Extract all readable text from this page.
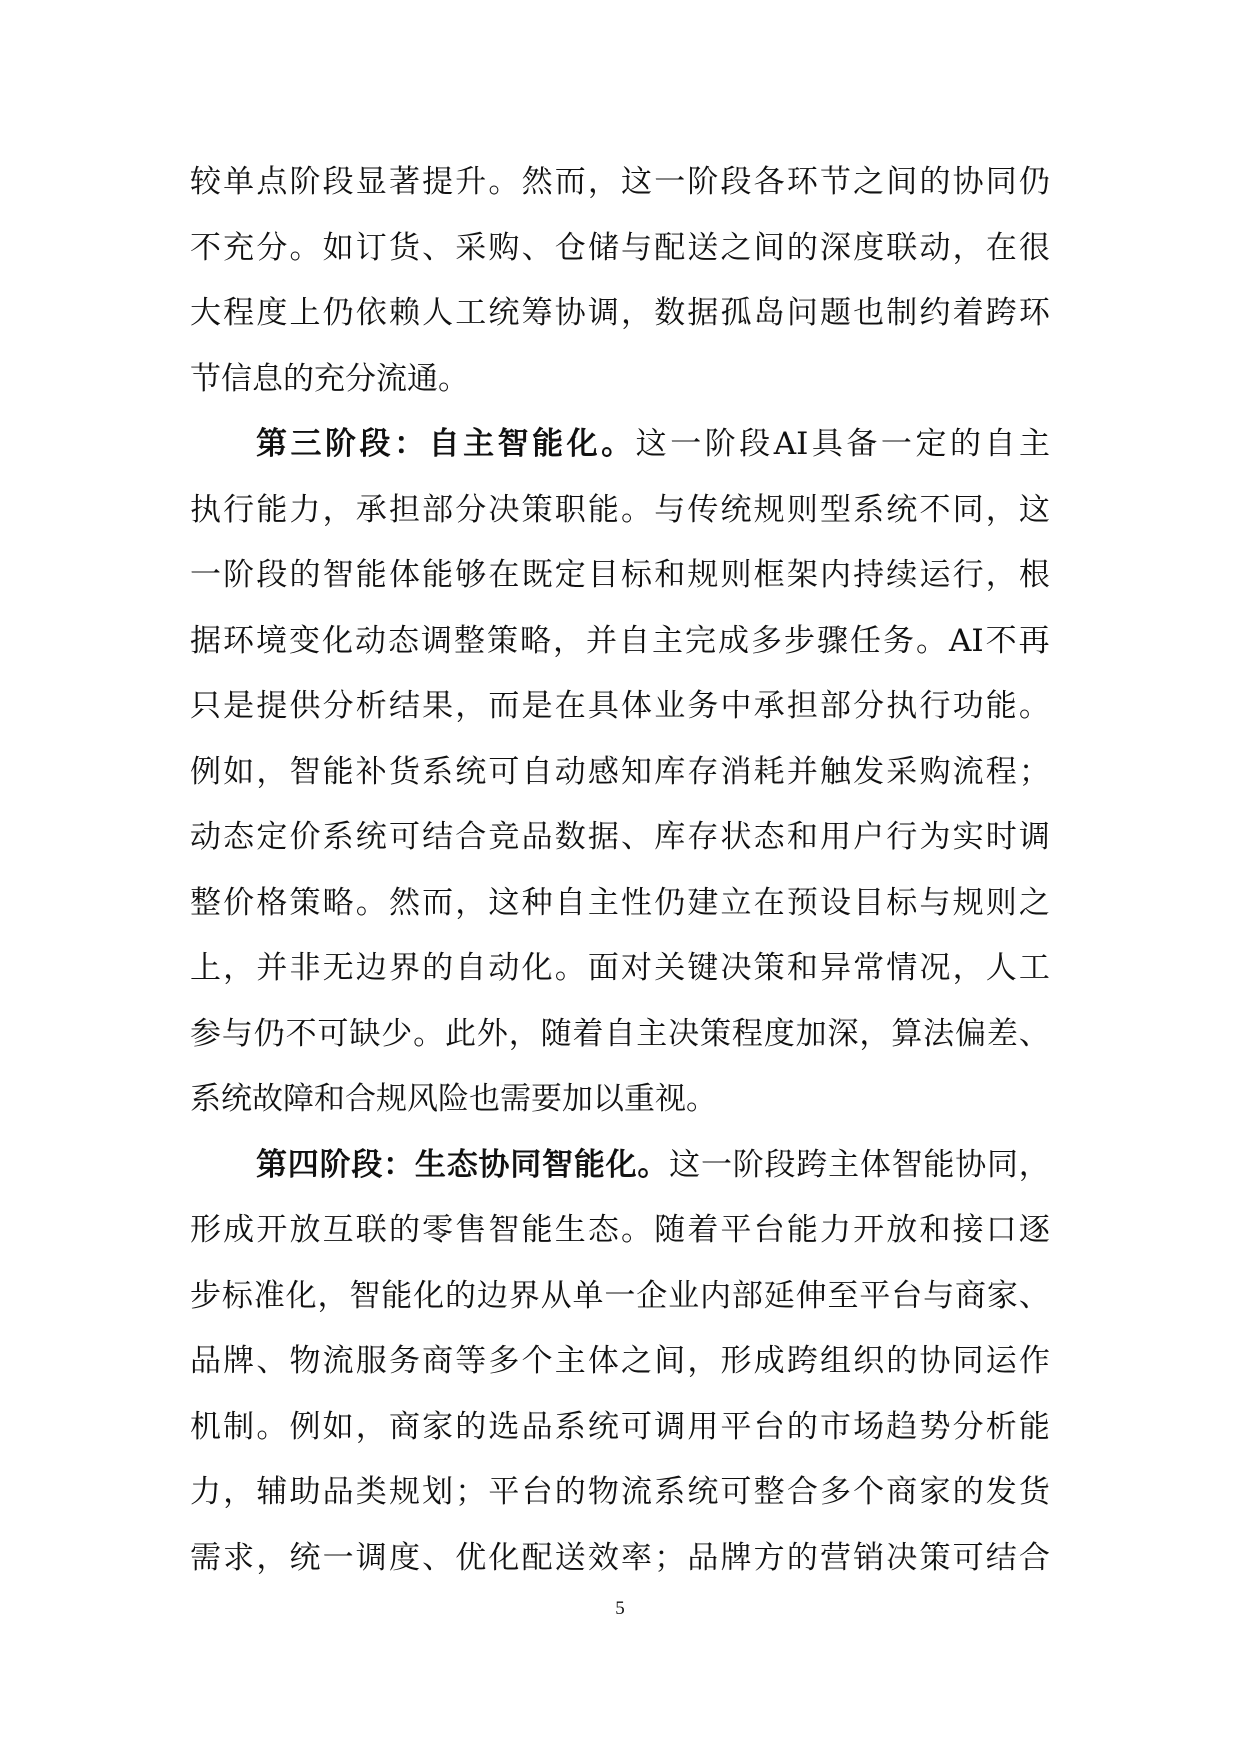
较 单 点 阶 段 显 著 提 升 。 然 而 ， 这 一 阶 段 各 环 节 之 间 的 协 同 仍
不 充 分 。 如 订 货 、 采 购 、 仓 储 与 配 送 之 间 的 深 度 联 动 ， 在 很
大 程 度 上 仍 依 赖 人 工 统 筹 协 调 ， 数 据 孤 岛 问 题 也 制 约 着 跨 环
节 信 息 的 充 分 流 通 。
第 三 阶 段 ： 自 主 智 能 化 。 这 一 阶 段 AI 具 备 一 定 的 自 主
执 行 能 力 ， 承 担 部 分 决 策 职 能 。 与 传 统 规 则 型 系 统 不 同 ， 这
一 阶 段 的 智 能 体 能 够 在 既 定 目 标 和 规 则 框 架 内 持 续 运 行 ， 根
据 环 境 变 化 动 态 调 整 策 略 ， 并 自 主 完 成 多 步 骤 任 务 。 AI 不 再
只 是 提 供 分 析 结 果 ， 而 是 在 具 体 业 务 中 承 担 部 分 执 行 功 能 。
例 如 ， 智 能 补 货 系 统 可 自 动 感 知 库 存 消 耗 并 触 发 采 购 流 程 ；
动 态 定 价 系 统 可 结 合 竞 品 数 据 、 库 存 状 态 和 用 户 行 为 实 时 调
整 价 格 策 略 。 然 而 ， 这 种 自 主 性 仍 建 立 在 预 设 目 标 与 规 则 之
上 ， 并 非 无 边 界 的 自 动 化 。 面 对 关 键 决 策 和 异 常 情 况 ， 人 工
参 与 仍 不 可 缺 少 。 此 外 ， 随 着 自 主 决 策 程 度 加 深 ， 算 法 偏 差 、
系 统 故 障 和 合 规 风 险 也 需 要 加 以 重 视 。
第 四 阶 段 ： 生 态 协 同 智 能 化 。 这 一 阶 段 跨 主 体 智 能 协 同 ，
形 成 开 放 互 联 的 零 售 智 能 生 态 。 随 着 平 台 能 力 开 放 和 接 口 逐
步 标 准 化 ， 智 能 化 的 边 界 从 单 一 企 业 内 部 延 伸 至 平 台 与 商 家 、
品 牌 、 物 流 服 务 商 等 多 个 主 体 之 间 ， 形 成 跨 组 织 的 协 同 运 作
机 制 。 例 如 ， 商 家 的 选 品 系 统 可 调 用 平 台 的 市 场 趋 势 分 析 能
力 ， 辅 助 品 类 规 划 ； 平 台 的 物 流 系 统 可 整 合 多 个 商 家 的 发 货
需 求 ， 统 一 调 度 、 优 化 配 送 效 率 ； 品 牌 方 的 营 销 决 策 可 结 合
5
